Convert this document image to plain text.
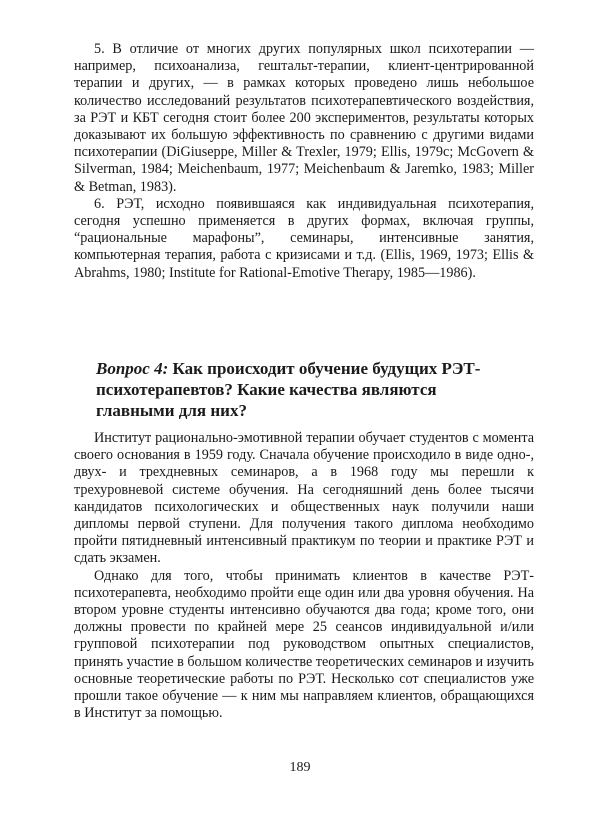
5. В отличие от многих других популярных школ психотерапии — например, психоанализа, гештальт-терапии, клиент-центрированной терапии и других, — в рамках которых проведено лишь небольшое количество исследований результатов психотерапевтического воздействия, за РЭТ и КБТ сегодня стоит более 200 экспериментов, результаты которых доказывают их большую эффективность по сравнению с другими видами психотерапии (DiGiuseppe, Miller & Trexler, 1979; Ellis, 1979c; McGovern & Silverman, 1984; Meichenbaum, 1977; Meichenbaum & Jaremko, 1983; Miller & Betman, 1983).

6. РЭТ, исходно появившаяся как индивидуальная психотерапия, сегодня успешно применяется в других формах, включая группы, “рациональные марафоны”, семинары, интенсивные занятия, компьютерная терапия, работа с кризисами и т.д. (Ellis, 1969, 1973; Ellis & Abrahms, 1980; Institute for Rational-Emotive Therapy, 1985—1986).

Вопрос 4: Как происходит обучение будущих РЭТ-психотерапевтов? Какие качества являются главными для них?

Институт рационально-эмотивной терапии обучает студентов с момента своего основания в 1959 году. Сначала обучение происходило в виде одно-, двух- и трехдневных семинаров, а в 1968 году мы перешли к трехуровневой системе обучения. На сегодняшний день более тысячи кандидатов психологических и общественных наук получили наши дипломы первой ступени. Для получения такого диплома необходимо пройти пятидневный интенсивный практикум по теории и практике РЭТ и сдать экзамен.

Однако для того, чтобы принимать клиентов в качестве РЭТ-психотерапевта, необходимо пройти еще один или два уровня обучения. На втором уровне студенты интенсивно обучаются два года; кроме того, они должны провести по крайней мере 25 сеансов индивидуальной и/или групповой психотерапии под руководством опытных специалистов, принять участие в большом количестве теоретических семинаров и изучить основные теоретические работы по РЭТ. Несколько сот специалистов уже прошли такое обучение — к ним мы направляем клиентов, обращающихся в Институт за помощью.

189
